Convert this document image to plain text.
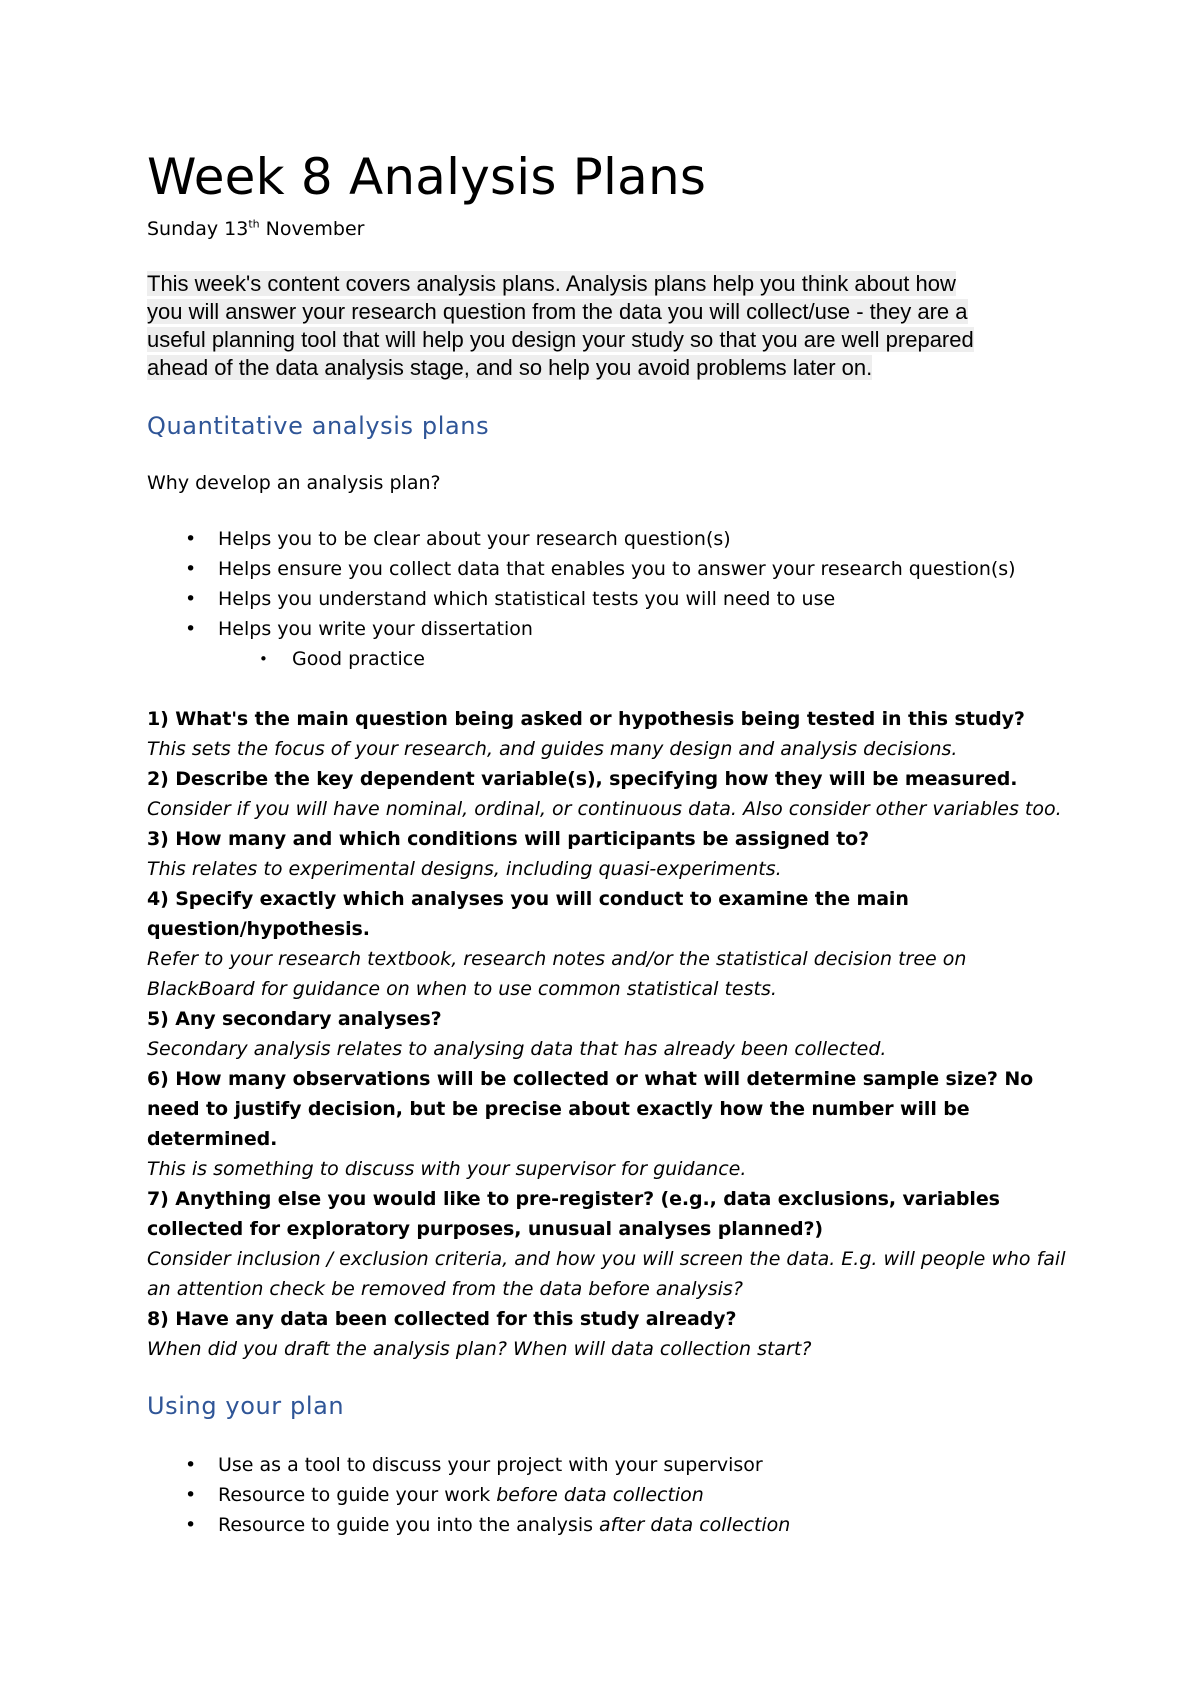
Week 8 Analysis Plans

Sunday 13th November

This week's content covers analysis plans. Analysis plans help you think about how

you will answer your research question from the data you will collect/use - they are a

useful planning tool that will help you design your study so that you are well prepared

ahead of the data analysis stage, and so help you avoid problems later on.

Quantitative analysis plans

Why develop an analysis plan?

• Helps you to be clear about your research question(s)
• Helps ensure you collect data that enables you to answer your research question(s)
• Helps you understand which statistical tests you will need to use
• Helps you write your dissertation
• Good practice

1) What's the main question being asked or hypothesis being tested in this study?

This sets the focus of your research, and guides many design and analysis decisions.

2) Describe the key dependent variable(s), specifying how they will be measured.

Consider if you will have nominal, ordinal, or continuous data. Also consider other variables too.

3) How many and which conditions will participants be assigned to?

This relates to experimental designs, including quasi-experiments.

4) Specify exactly which analyses you will conduct to examine the main question/hypothesis.

Refer to your research textbook, research notes and/or the statistical decision tree on BlackBoard for guidance on when to use common statistical tests.

5) Any secondary analyses?

Secondary analysis relates to analysing data that has already been collected.

6) How many observations will be collected or what will determine sample size? No need to justify decision, but be precise about exactly how the number will be determined.

This is something to discuss with your supervisor for guidance.

7) Anything else you would like to pre-register? (e.g., data exclusions, variables collected for exploratory purposes, unusual analyses planned?)

Consider inclusion / exclusion criteria, and how you will screen the data. E.g. will people who fail an attention check be removed from the data before analysis?

8) Have any data been collected for this study already?

When did you draft the analysis plan? When will data collection start?

Using your plan
• Use as a tool to discuss your project with your supervisor
• Resource to guide your work before data collection
• Resource to guide you into the analysis after data collection
